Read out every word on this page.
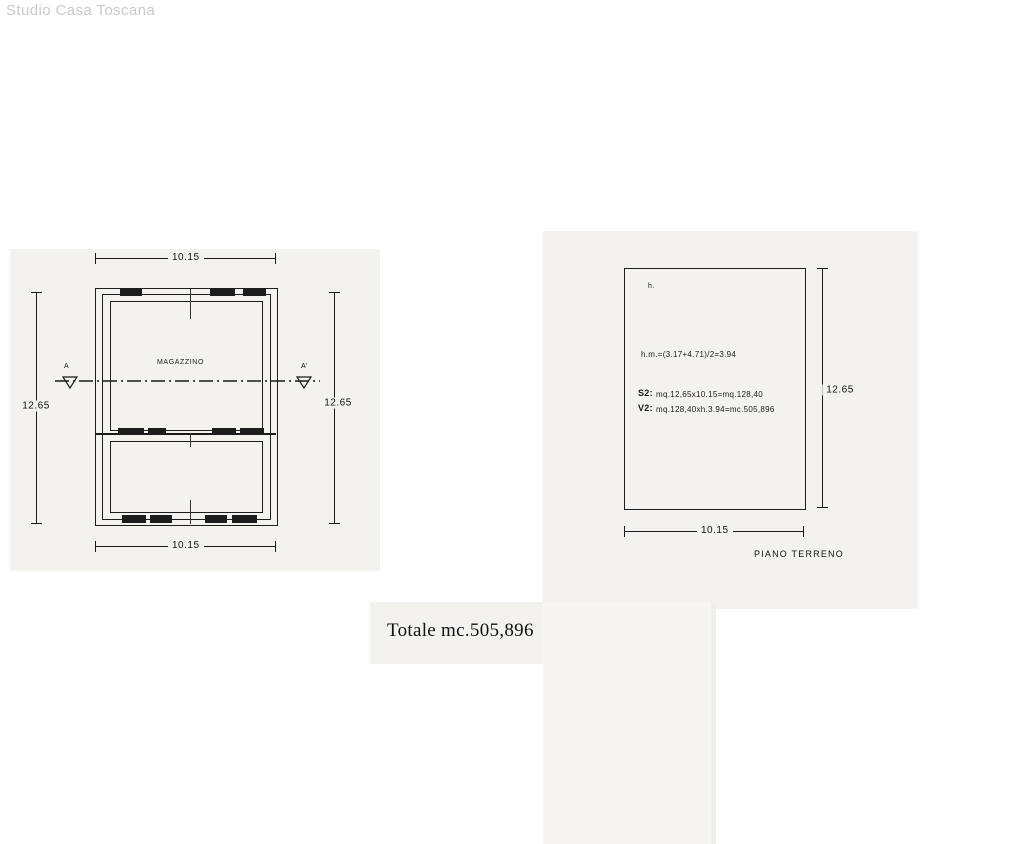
Studio Casa Toscana
10.15
10.15
12.65	12.65
MAGAZZINO
A	A'
12.65
10.15
h.
h.m.=(3.17+4.71)/2=3.94
S2: mq.12,65x10.15=mq.128,40
V2: mq.128,40xh.3.94=mc.505,896
PIANO TERRENO
Totale mc.505,896
